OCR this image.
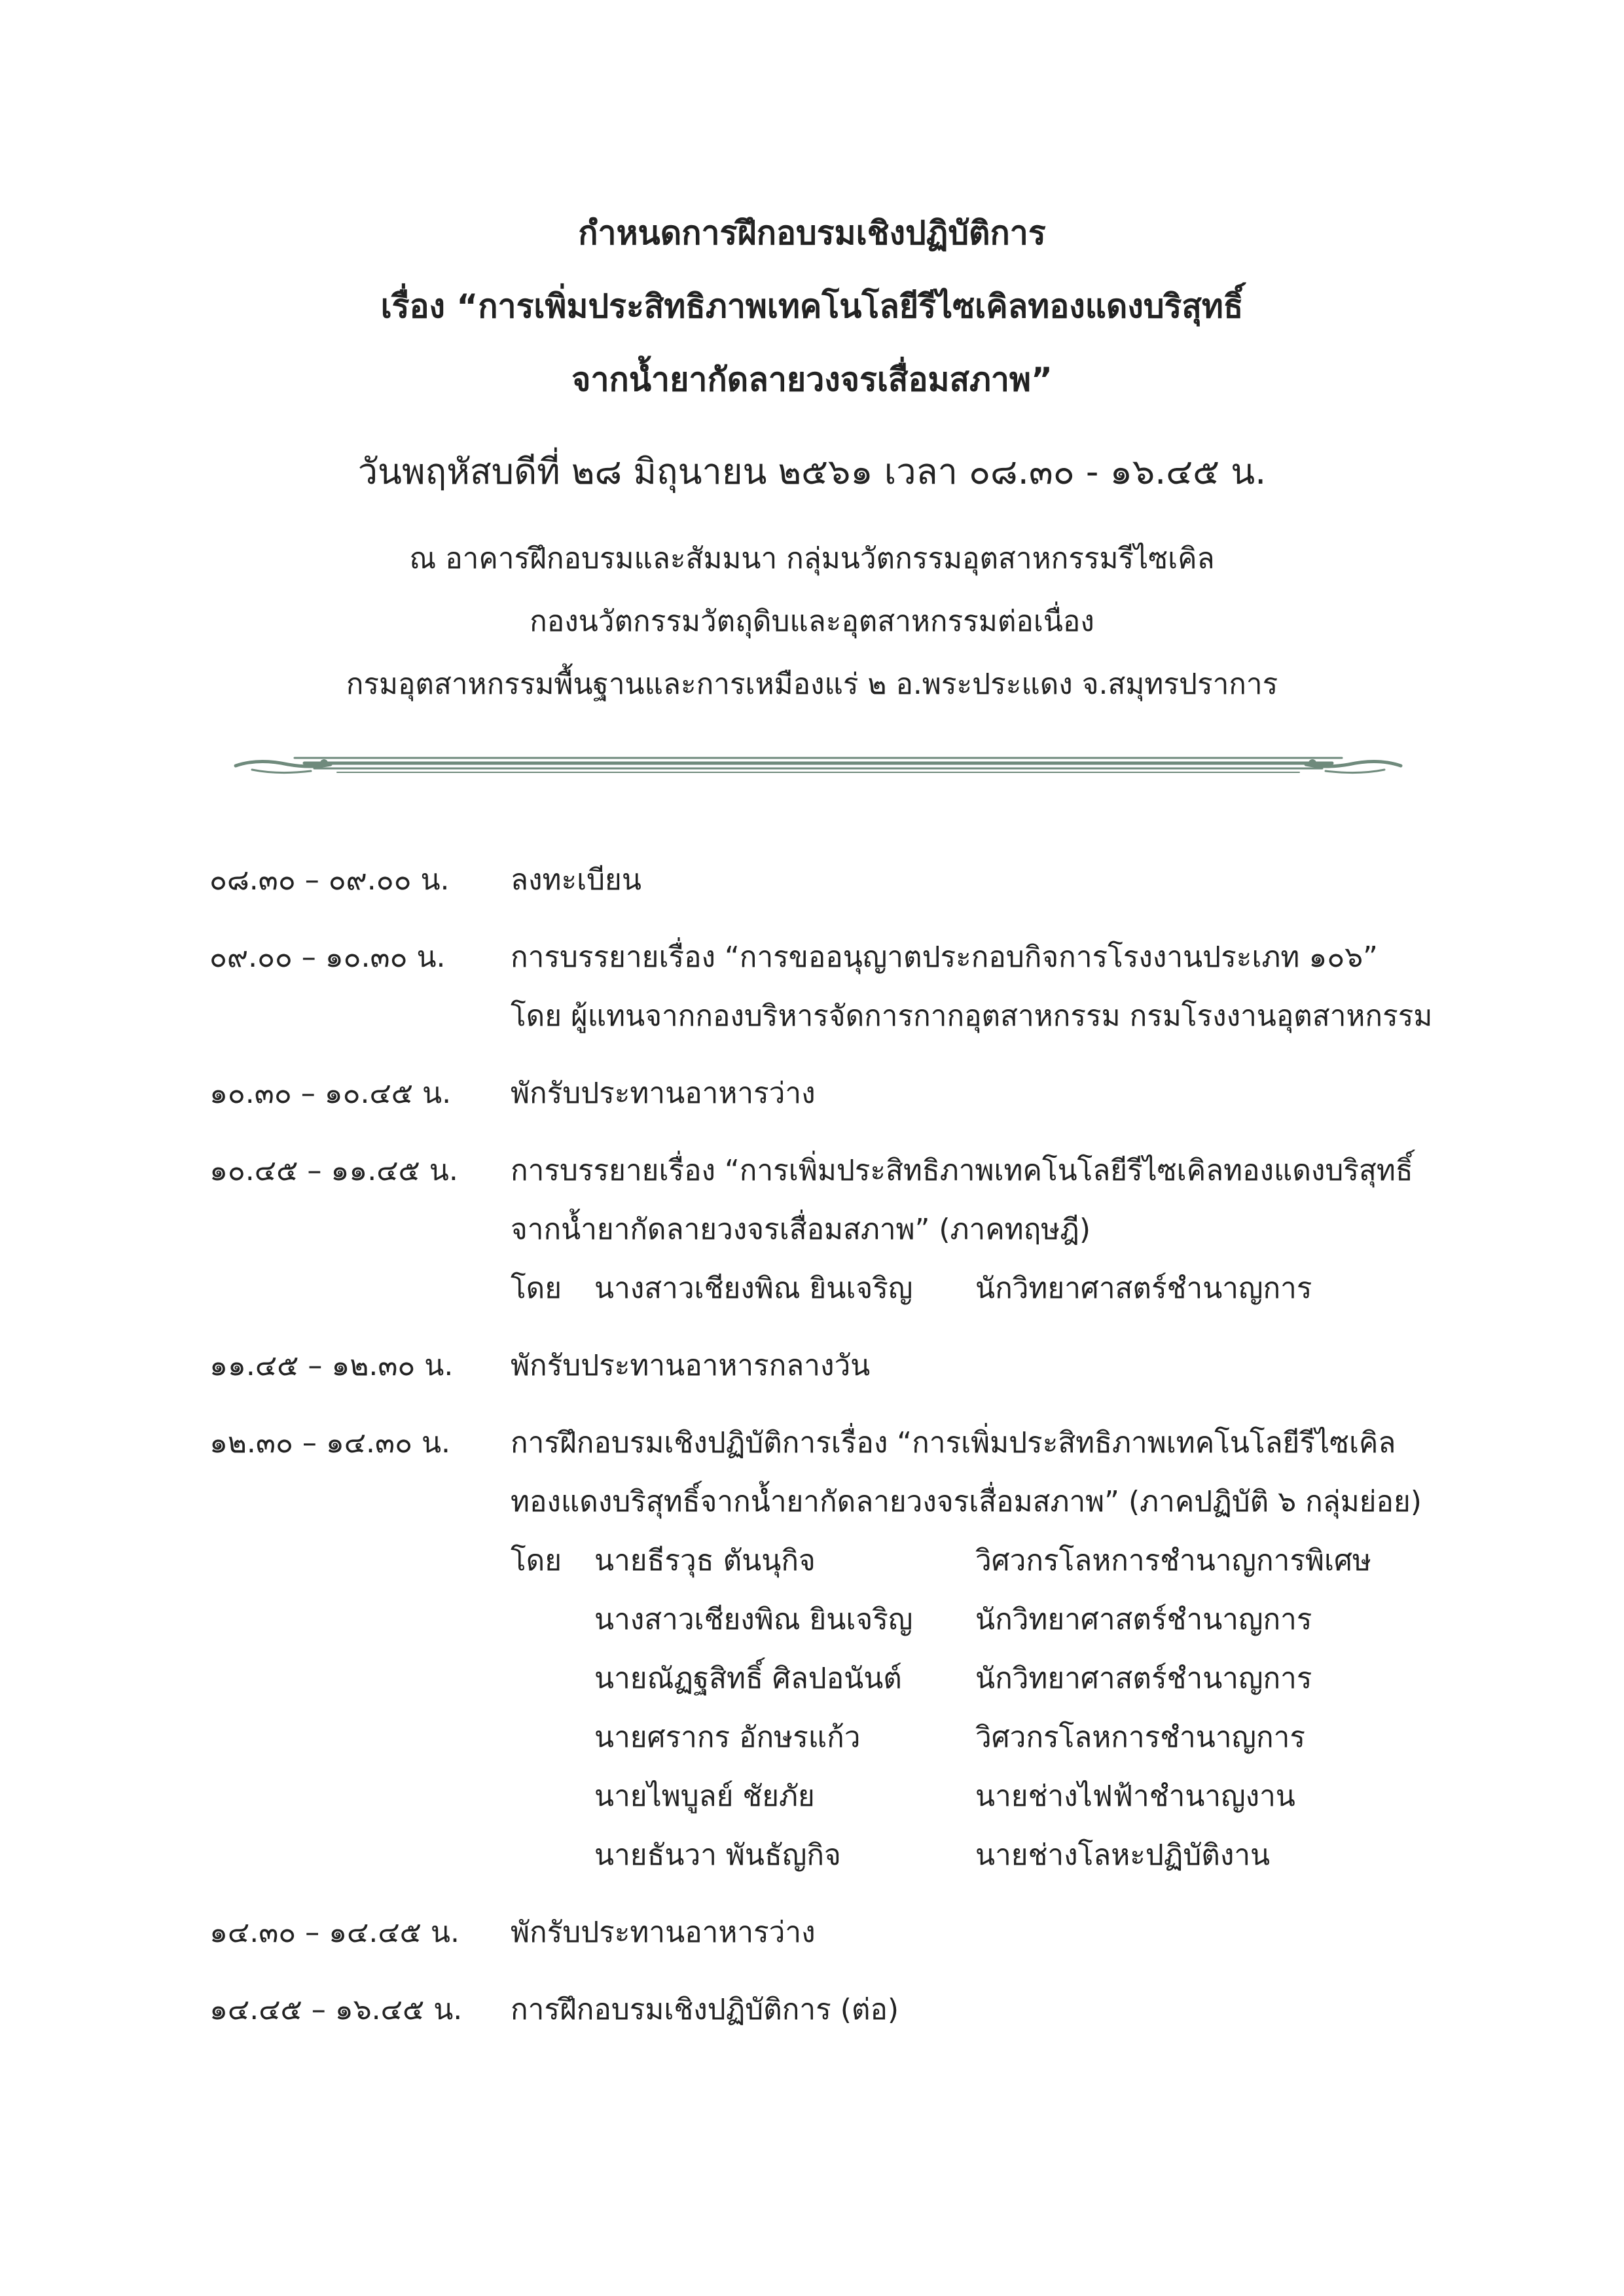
กำหนดการฝึกอบรมเชิงปฏิบัติการ
เรื่อง “การเพิ่มประสิทธิภาพเทคโนโลยีรีไซเคิลทองแดงบริสุทธิ์
จากน้ำยากัดลายวงจรเสื่อมสภาพ”
วันพฤหัสบดีที่ ๒๘ มิถุนายน ๒๕๖๑ เวลา ๐๘.๓๐ - ๑๖.๔๕ น.
ณ อาคารฝึกอบรมและสัมมนา กลุ่มนวัตกรรมอุตสาหกรรมรีไซเคิล
กองนวัตกรรมวัตถุดิบและอุตสาหกรรมต่อเนื่อง
กรมอุตสาหกรรมพื้นฐานและการเหมืองแร่ ๒ อ.พระประแดง จ.สมุทรปราการ
๐๘.๓๐ – ๐๙.๐๐ น.	ลงทะเบียน
๐๙.๐๐ – ๑๐.๓๐ น.	การบรรยายเรื่อง “การขออนุญาตประกอบกิจการโรงงานประเภท ๑๐๖”
โดย ผู้แทนจากกองบริหารจัดการกากอุตสาหกรรม กรมโรงงานอุตสาหกรรม
๑๐.๓๐ – ๑๐.๔๕ น.	พักรับประทานอาหารว่าง
๑๐.๔๕ – ๑๑.๔๕ น.	การบรรยายเรื่อง “การเพิ่มประสิทธิภาพเทคโนโลยีรีไซเคิลทองแดงบริสุทธิ์
จากน้ำยากัดลายวงจรเสื่อมสภาพ” (ภาคทฤษฎี)
โดย	นางสาวเชียงพิณ ยินเจริญ	นักวิทยาศาสตร์ชำนาญการ
๑๑.๔๕ – ๑๒.๓๐ น.	พักรับประทานอาหารกลางวัน
๑๒.๓๐ – ๑๔.๓๐ น.	การฝึกอบรมเชิงปฏิบัติการเรื่อง “การเพิ่มประสิทธิภาพเทคโนโลยีรีไซเคิล
ทองแดงบริสุทธิ์จากน้ำยากัดลายวงจรเสื่อมสภาพ” (ภาคปฏิบัติ ๖ กลุ่มย่อย)
โดย	นายธีรวุธ ตันนุกิจ	วิศวกรโลหการชำนาญการพิเศษ
นางสาวเชียงพิณ ยินเจริญ	นักวิทยาศาสตร์ชำนาญการ
นายณัฏฐสิทธิ์ ศิลปอนันต์	นักวิทยาศาสตร์ชำนาญการ
นายศรากร อักษรแก้ว	วิศวกรโลหการชำนาญการ
นายไพบูลย์ ชัยภัย	นายช่างไฟฟ้าชำนาญงาน
นายธันวา พันธัญกิจ	นายช่างโลหะปฏิบัติงาน
๑๔.๓๐ – ๑๔.๔๕ น.	พักรับประทานอาหารว่าง
๑๔.๔๕ – ๑๖.๔๕ น.	การฝึกอบรมเชิงปฏิบัติการ (ต่อ)
